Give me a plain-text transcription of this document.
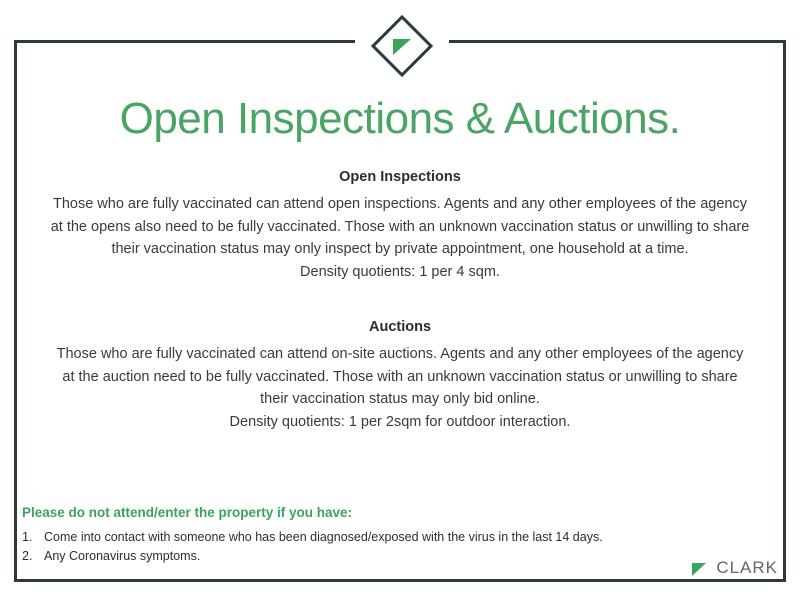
Open Inspections & Auctions.

Open Inspections

Those who are fully vaccinated can attend open inspections. Agents and any other employees of the agency at the opens also need to be fully vaccinated. Those with an unknown vaccination status or unwilling to share their vaccination status may only inspect by private appointment, one household at a time.

Density quotients: 1 per 4 sqm.

Auctions

Those who are fully vaccinated can attend on-site auctions. Agents and any other employees of the agency at the auction need to be fully vaccinated. Those with an unknown vaccination status or unwilling to share their vaccination status may only bid online.

Density quotients: 1 per 2sqm for outdoor interaction.

Please do not attend/enter the property if you have:

1. Come into contact with someone who has been diagnosed/exposed with the virus in the last 14 days.
2. Any Coronavirus symptoms.
CLARK
